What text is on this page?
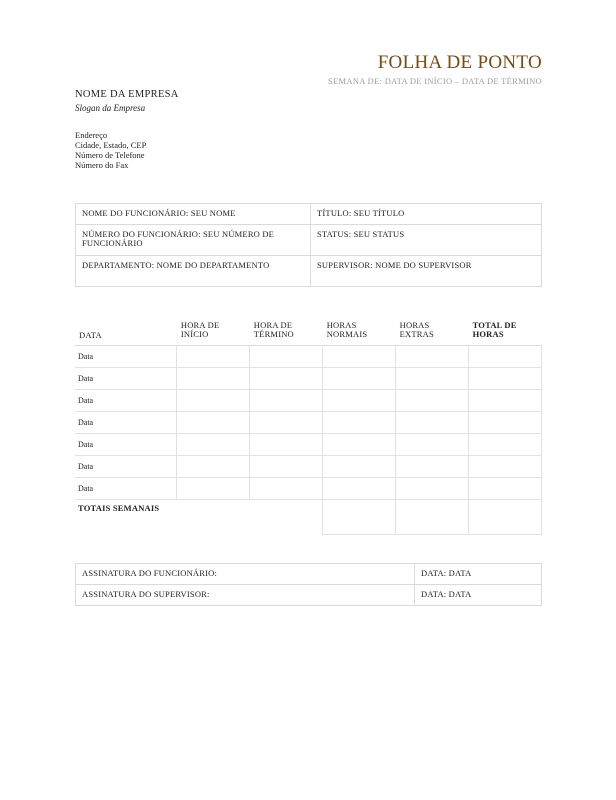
FOLHA DE PONTO
SEMANA DE: DATA DE INÍCIO – DATA DE TÉRMINO
NOME DA EMPRESA
Slogan da Empresa
Endereço
Cidade, Estado, CEP
Número de Telefone
Número do Fax
NOME DO FUNCIONÁRIO: SEU NOME	TÍTULO: SEU TÍTULO
NÚMERO DO FUNCIONÁRIO: SEU NÚMERO DE FUNCIONÁRIO	STATUS: SEU STATUS
DEPARTAMENTO: NOME DO DEPARTAMENTO	SUPERVISOR: NOME DO SUPERVISOR
DATA	HORA DE INÍCIO	HORA DE TÉRMINO	HORAS NORMAIS	HORAS EXTRAS	TOTAL DE HORAS
Data					
Data					
Data					
Data					
Data					
Data					
Data					
TOTAIS SEMANAIS					
ASSINATURA DO FUNCIONÁRIO:	DATA: DATA
ASSINATURA DO SUPERVISOR:	DATA: DATA
